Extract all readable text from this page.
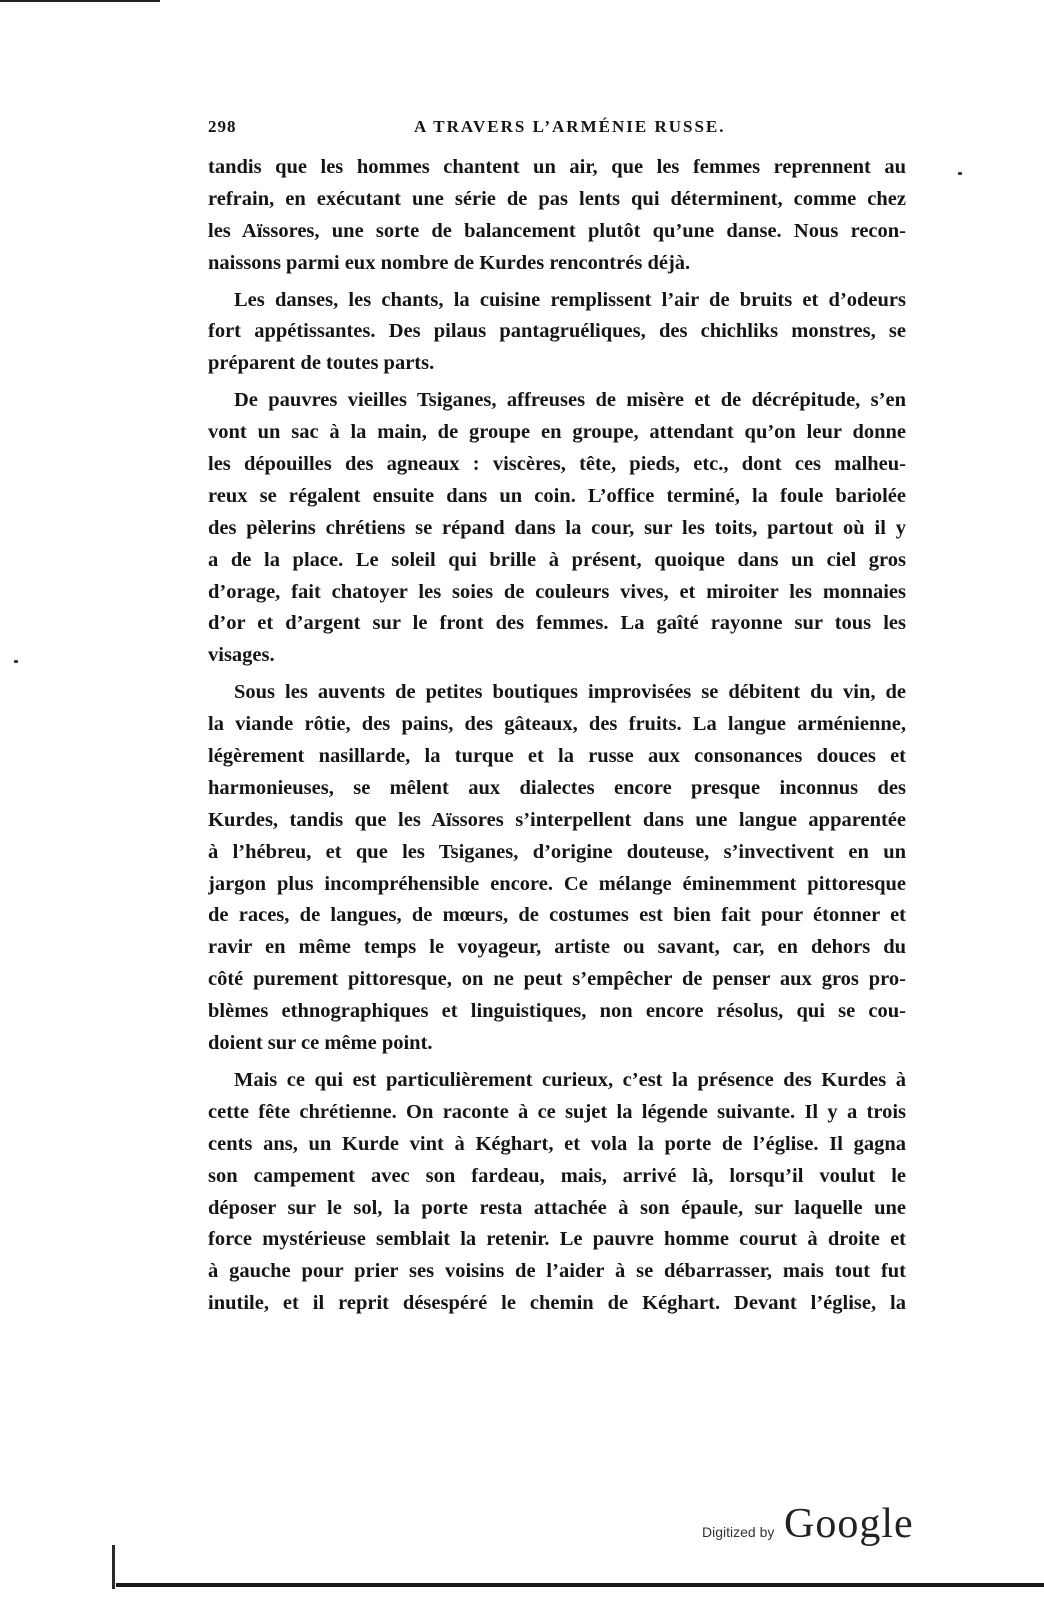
298	A TRAVERS L’ARMÉNIE RUSSE.
tandis que les hommes chantent un air, que les femmes reprennent au
refrain, en exécutant une série de pas lents qui déterminent, comme chez
les Aïssores, une sorte de balancement plutôt qu’une danse. Nous recon-
naissons parmi eux nombre de Kurdes rencontrés déjà.
Les danses, les chants, la cuisine remplissent l’air de bruits et d’odeurs
fort appétissantes. Des pilaus pantagruéliques, des chichliks monstres, se
préparent de toutes parts.
De pauvres vieilles Tsiganes, affreuses de misère et de décrépitude, s’en
vont un sac à la main, de groupe en groupe, attendant qu’on leur donne
les dépouilles des agneaux : viscères, tête, pieds, etc., dont ces malheu-
reux se régalent ensuite dans un coin. L’office terminé, la foule bariolée
des pèlerins chrétiens se répand dans la cour, sur les toits, partout où il y
a de la place. Le soleil qui brille à présent, quoique dans un ciel gros
d’orage, fait chatoyer les soies de couleurs vives, et miroiter les monnaies
d’or et d’argent sur le front des femmes. La gaîté rayonne sur tous les
visages.
Sous les auvents de petites boutiques improvisées se débitent du vin, de
la viande rôtie, des pains, des gâteaux, des fruits. La langue arménienne,
légèrement nasillarde, la turque et la russe aux consonances douces et
harmonieuses, se mêlent aux dialectes encore presque inconnus des
Kurdes, tandis que les Aïssores s’interpellent dans une langue apparentée
à l’hébreu, et que les Tsiganes, d’origine douteuse, s’invectivent en un
jargon plus incompréhensible encore. Ce mélange éminemment pittoresque
de races, de langues, de mœurs, de costumes est bien fait pour étonner et
ravir en même temps le voyageur, artiste ou savant, car, en dehors du
côté purement pittoresque, on ne peut s’empêcher de penser aux gros pro-
blèmes ethnographiques et linguistiques, non encore résolus, qui se cou-
doient sur ce même point.
Mais ce qui est particulièrement curieux, c’est la présence des Kurdes à
cette fête chrétienne. On raconte à ce sujet la légende suivante. Il y a trois
cents ans, un Kurde vint à Kéghart, et vola la porte de l’église. Il gagna
son campement avec son fardeau, mais, arrivé là, lorsqu’il voulut le
déposer sur le sol, la porte resta attachée à son épaule, sur laquelle une
force mystérieuse semblait la retenir. Le pauvre homme courut à droite et
à gauche pour prier ses voisins de l’aider à se débarrasser, mais tout fut
inutile, et il reprit désespéré le chemin de Kéghart. Devant l’église, la
Digitized by Google
